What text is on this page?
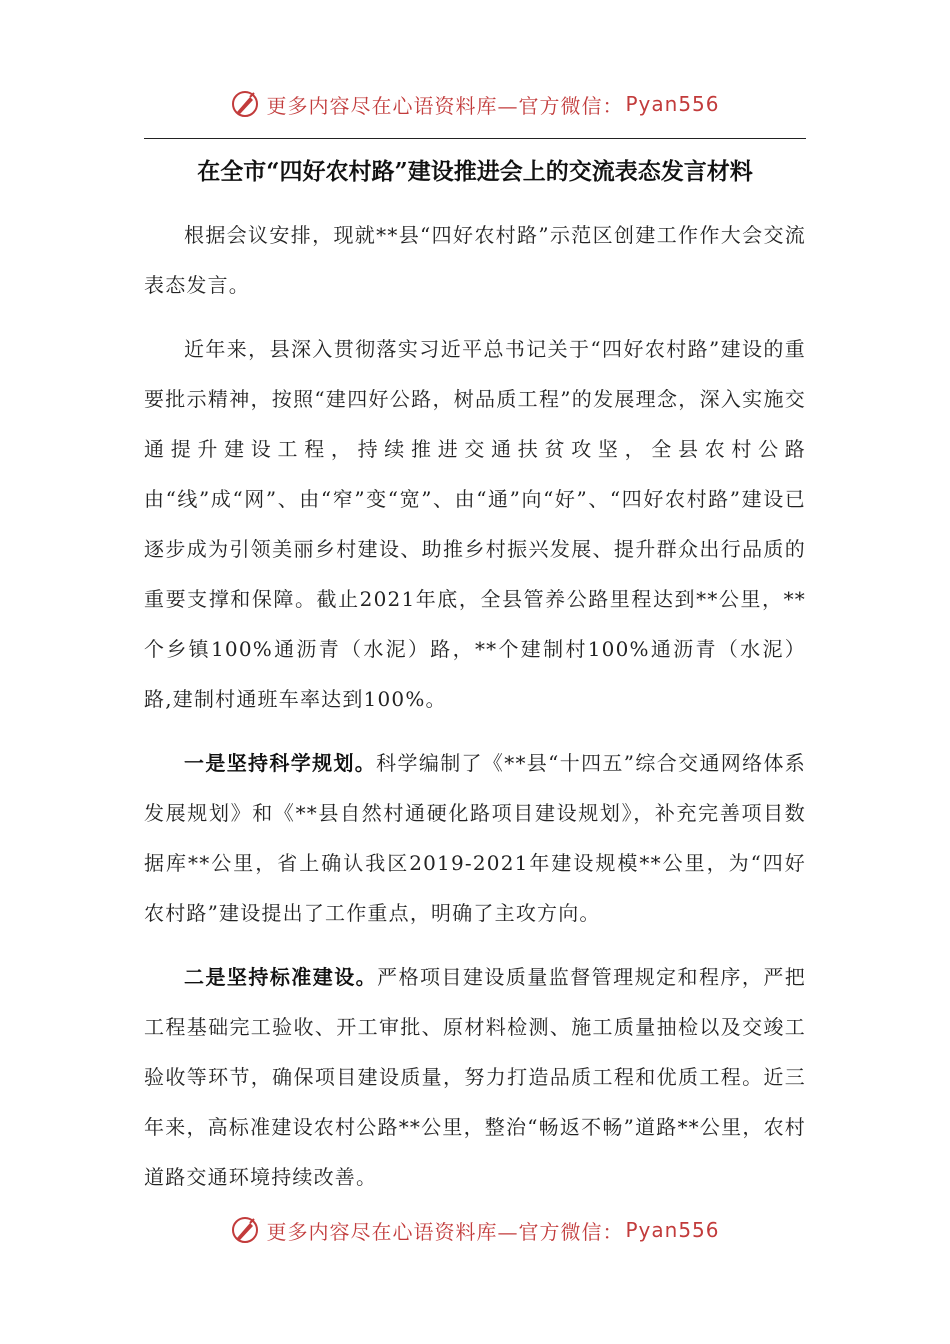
更多内容尽在心语资料库—官方微信： Pyan556
在全市“四好农村路”建设推进会上的交流表态发言材料

根据会议安排，现就**县“四好农村路”示范区创建工作作大会交流表态发言。

近年来，县深入贯彻落实习近平总书记关于“四好农村路”建设的重要批示精神，按照“建四好公路，树品质工程”的发展理念，深入实施交通提升建设工程，持续推进交通扶贫攻坚，全县农村公路由“线”成“网”、由“窄”变“宽”、由“通”向“好”、“四好农村路”建设已逐步成为引领美丽乡村建设、助推乡村振兴发展、提升群众出行品质的重要支撑和保障。截止2021年底，全县管养公路里程达到**公里，**个乡镇100%通沥青（水泥）路，**个建制村100%通沥青（水泥）路,建制村通班车率达到100%。

一是坚持科学规划。科学编制了《**县“十四五”综合交通网络体系发展规划》和《**县自然村通硬化路项目建设规划》，补充完善项目数据库**公里，省上确认我区2019-2021年建设规模**公里，为“四好农村路”建设提出了工作重点，明确了主攻方向。

二是坚持标准建设。严格项目建设质量监督管理规定和程序，严把工程基础完工验收、开工审批、原材料检测、施工质量抽检以及交竣工验收等环节，确保项目建设质量，努力打造品质工程和优质工程。近三年来，高标准建设农村公路**公里，整治“畅返不畅”道路**公里，农村道路交通环境持续改善。

更多内容尽在心语资料库—官方微信： Pyan556
